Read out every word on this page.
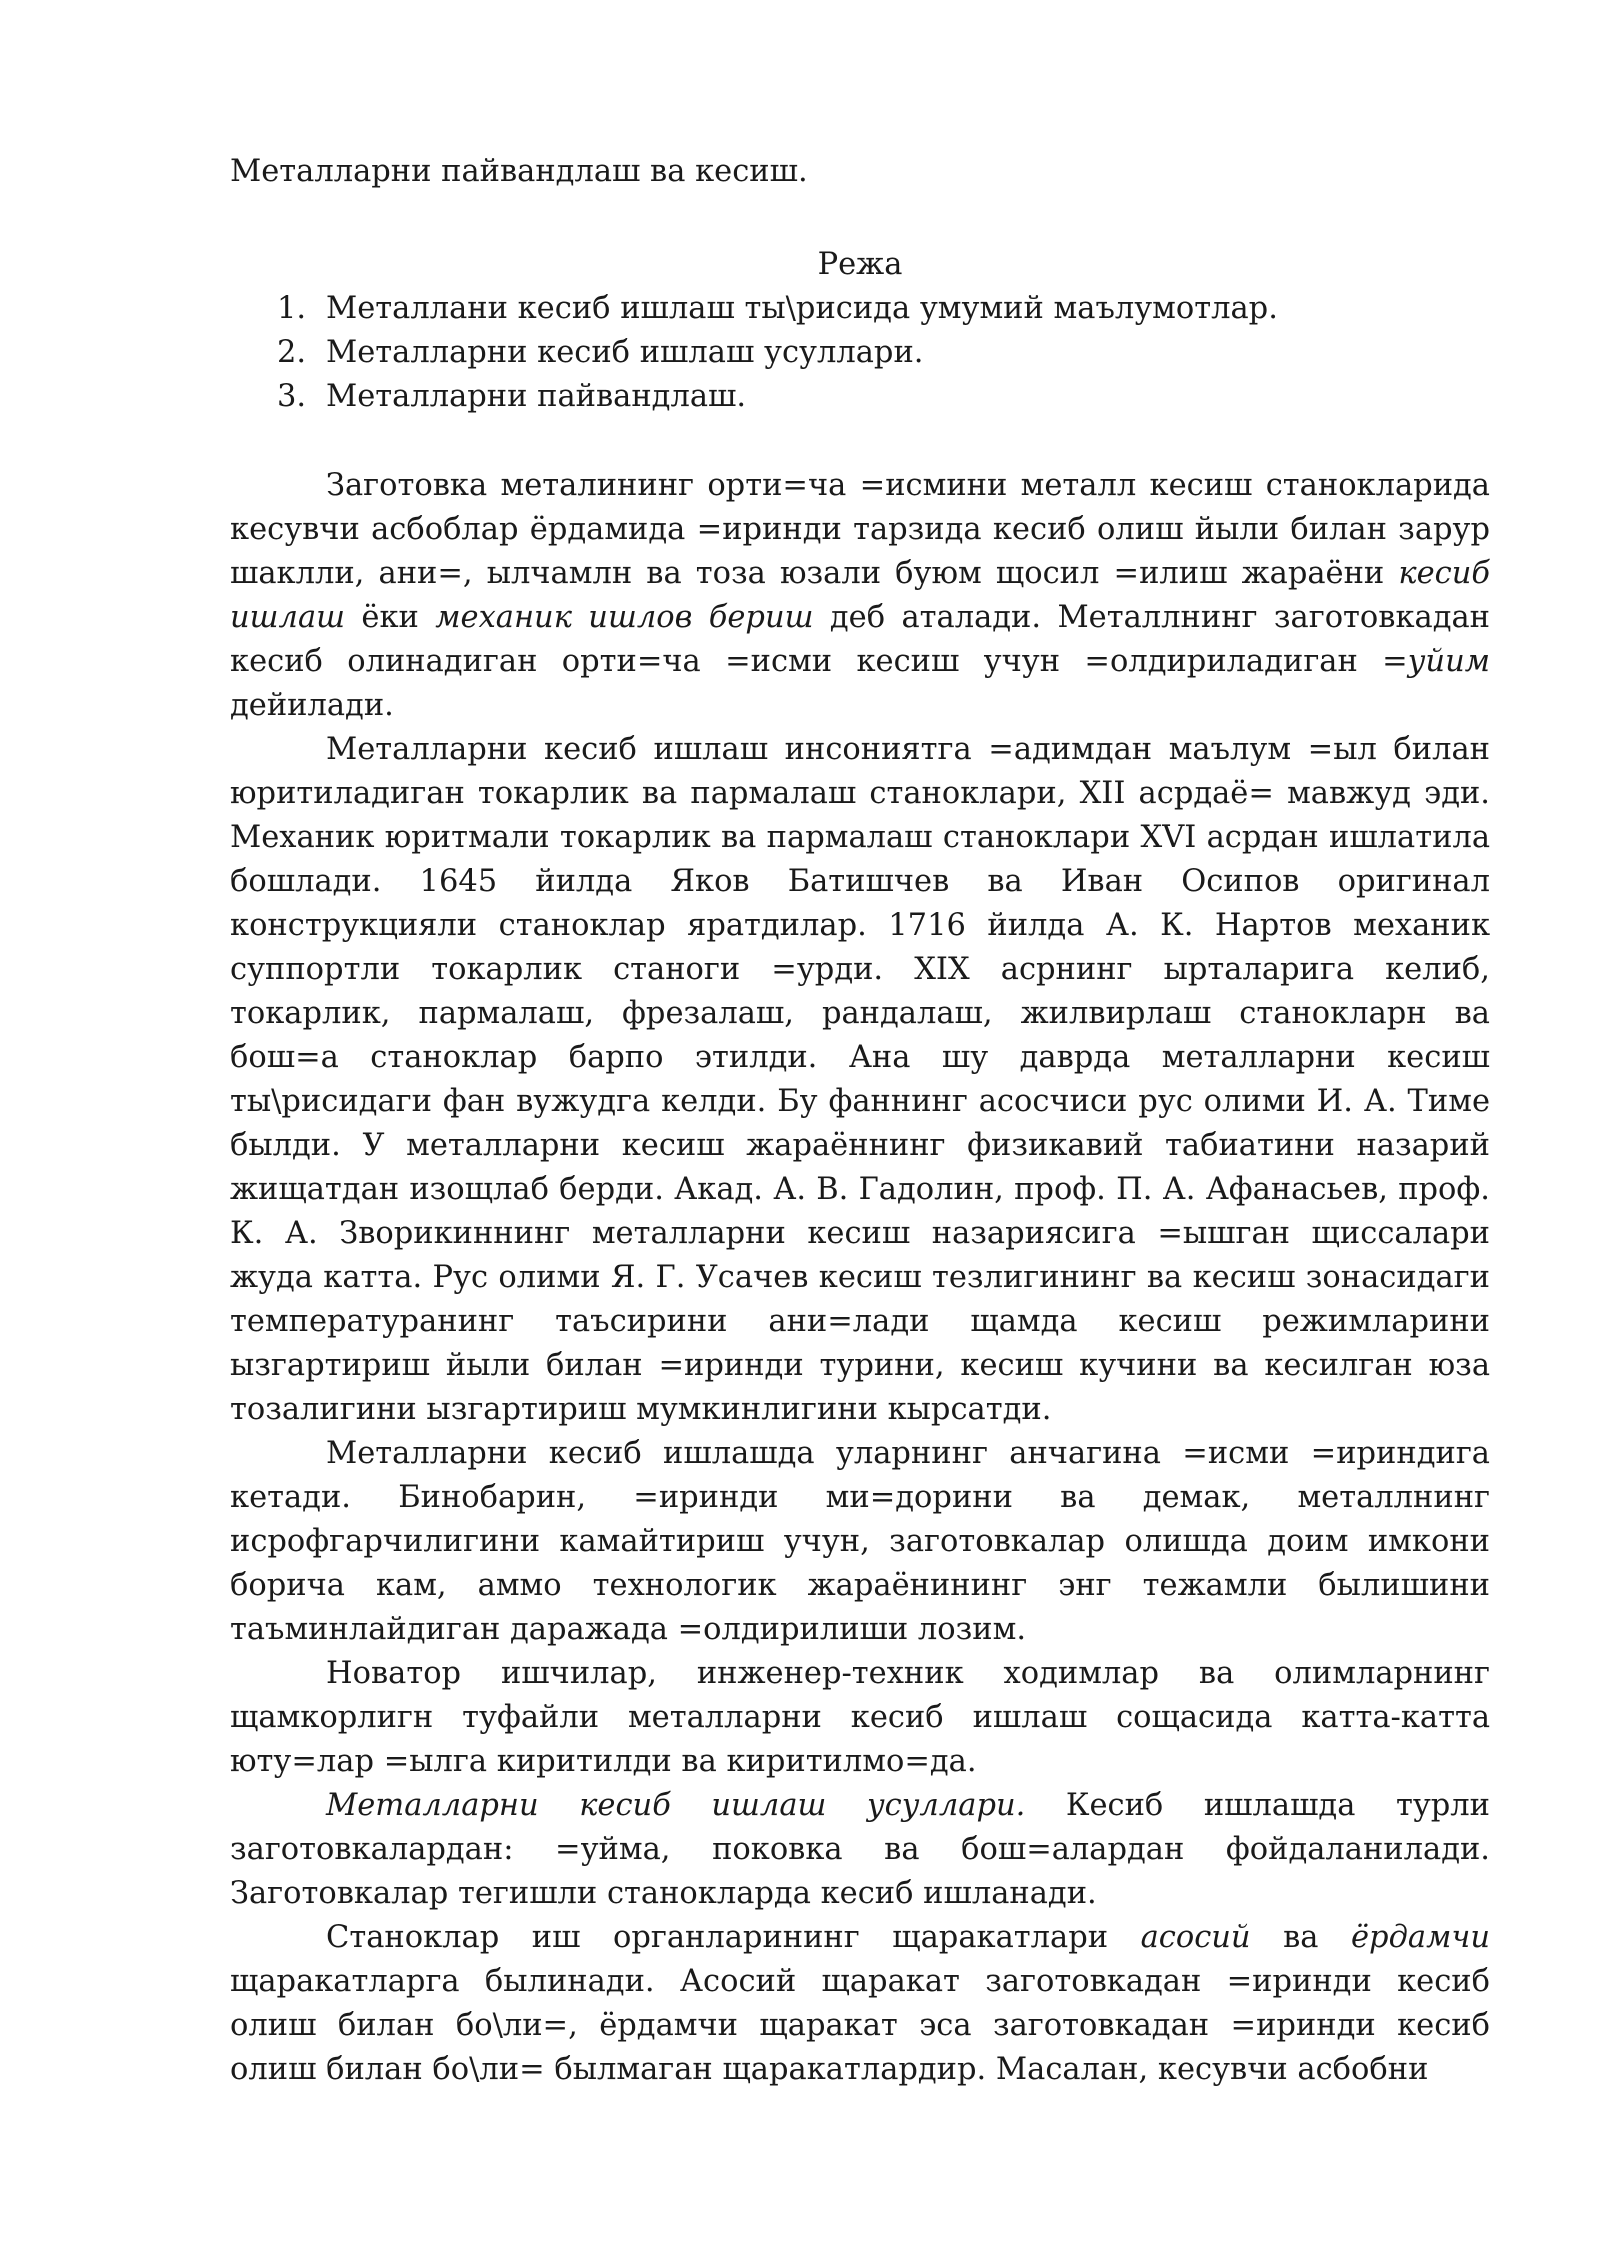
Металларни пайвандлаш ва кесиш.

Режа

1. Металлани кесиб ишлаш ты\рисида умумий маълумотлар.
2. Металларни кесиб ишлаш усуллари.
3. Металларни пайвандлаш.

Заготовка металининг орти=ча =исмини металл кесиш станокларида кесувчи асбоблар ёрдамида =иринди тарзида кесиб олиш йыли билан зарур шаклли, ани=, ылчамлн ва тоза юзали буюм щосил =илиш жараёни кесиб ишлаш ёки механик ишлов бериш деб аталади. Металлнинг заготовкадан кесиб олинадиган орти=ча =исми кесиш учун =олдириладиган =уйим дейилади.

Металларни кесиб ишлаш инсониятга =адимдан маълум =ыл билан юритиладиган токарлик ва пармалаш станоклари, XII асрдаё= мавжуд эди. Механик юритмали токарлик ва пармалаш станоклари XVI асрдан ишлатила бошлади. 1645 йилда Яков Батишчев ва Иван Осипов оригинал конструкцияли станоклар яратдилар. 1716 йилда А. К. Нартов механик суппортли токарлик станоги =урди. XIX асрнинг ырталарига келиб, токарлик, пармалаш, фрезалаш, рандалаш, жилвирлаш станокларн ва бош=а станоклар барпо этилди. Ана шу даврда металларни кесиш ты\рисидаги фан вужудга келди. Бу фаннинг асосчиси рус олими И. А. Тиме былди. У металларни кесиш жараённинг физикавий табиатини назарий жищатдан изощлаб берди. Акад. А. В. Гадолин, проф. П. А. Афанасьев, проф. К. А. Зворикиннинг металларни кесиш назариясига =ышган щиссалари жуда катта. Рус олими Я. Г. Усачев кесиш тезлигининг ва кесиш зонасидаги температуранинг таъсирини ани=лади щамда кесиш режимларини ызгартириш йыли билан =иринди турини, кесиш кучини ва кесилган юза тозалигини ызгартириш мумкинлигини кырсатди.

Металларни кесиб ишлашда уларнинг анчагина =исми =ириндига кетади. Бинобарин, =иринди ми=дорини ва демак, металлнинг исрофгарчилигини камайтириш учун, заготовкалар олишда доим имкони борича кам, аммо технологик жараёнининг энг тежамли былишини таъминлайдиган даражада =олдирилиши лозим.

Новатор ишчилар, инженер-техник ходимлар ва олимларнинг щамкорлигн туфайли металларни кесиб ишлаш сощасида катта-катта юту=лар =ылга киритилди ва киритилмо=да.

Металларни кесиб ишлаш усуллари. Кесиб ишлашда турли заготовкалардан: =уйма, поковка ва бош=алардан фойдаланилади. Заготовкалар тегишли станокларда кесиб ишланади.

Станоклар иш органларининг щаракатлари асосий ва ёрдамчи щаракатларга былинади. Асосий щаракат заготовкадан =иринди кесиб олиш билан бо\ли=, ёрдамчи щаракат эса заготовкадан =иринди кесиб олиш билан бо\ли= былмаган щаракатлардир. Масалан, кесувчи асбобни
